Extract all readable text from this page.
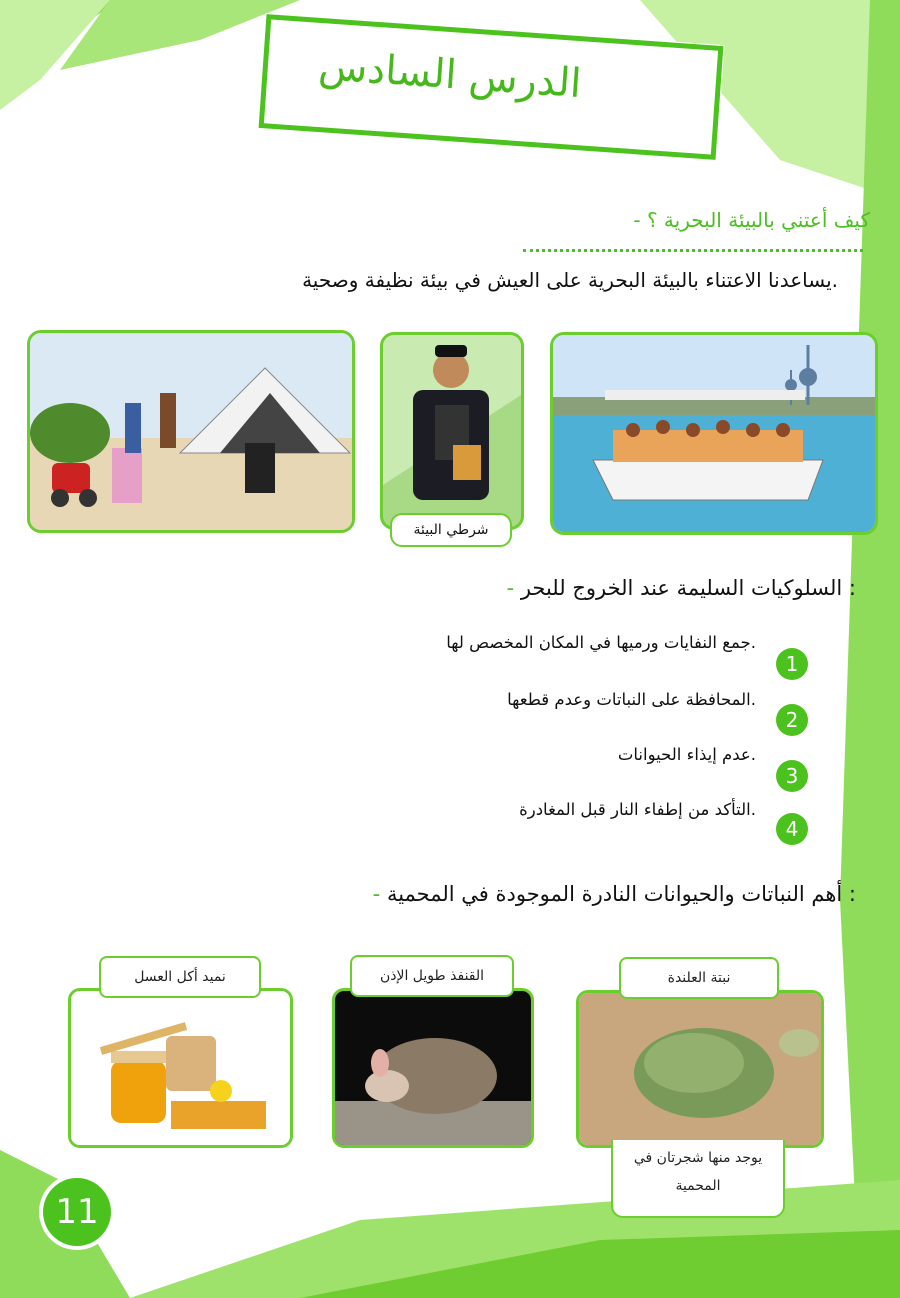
الدرس السادس
كيف أعتني بالبيئة البحرية ؟ -
.يساعدنا الاعتناء بالبيئة البحرية على العيش في بيئة نظيفة وصحية
شرطي البيئة
: السلوكيات السليمة عند الخروج للبحر -
.جمع النفايات ورميها في المكان المخصص لها
1
.المحافظة على النباتات وعدم قطعها
2
.عدم إيذاء الحيوانات
3
.التأكد من إطفاء النار قبل المغادرة
4
: أهم النباتات والحيوانات النادرة الموجودة في المحمية -
نبتة العلندة
يوجد منها شجرتان في
المحمية
القنفذ طويل الإذن
نميد أكل العسل
11
